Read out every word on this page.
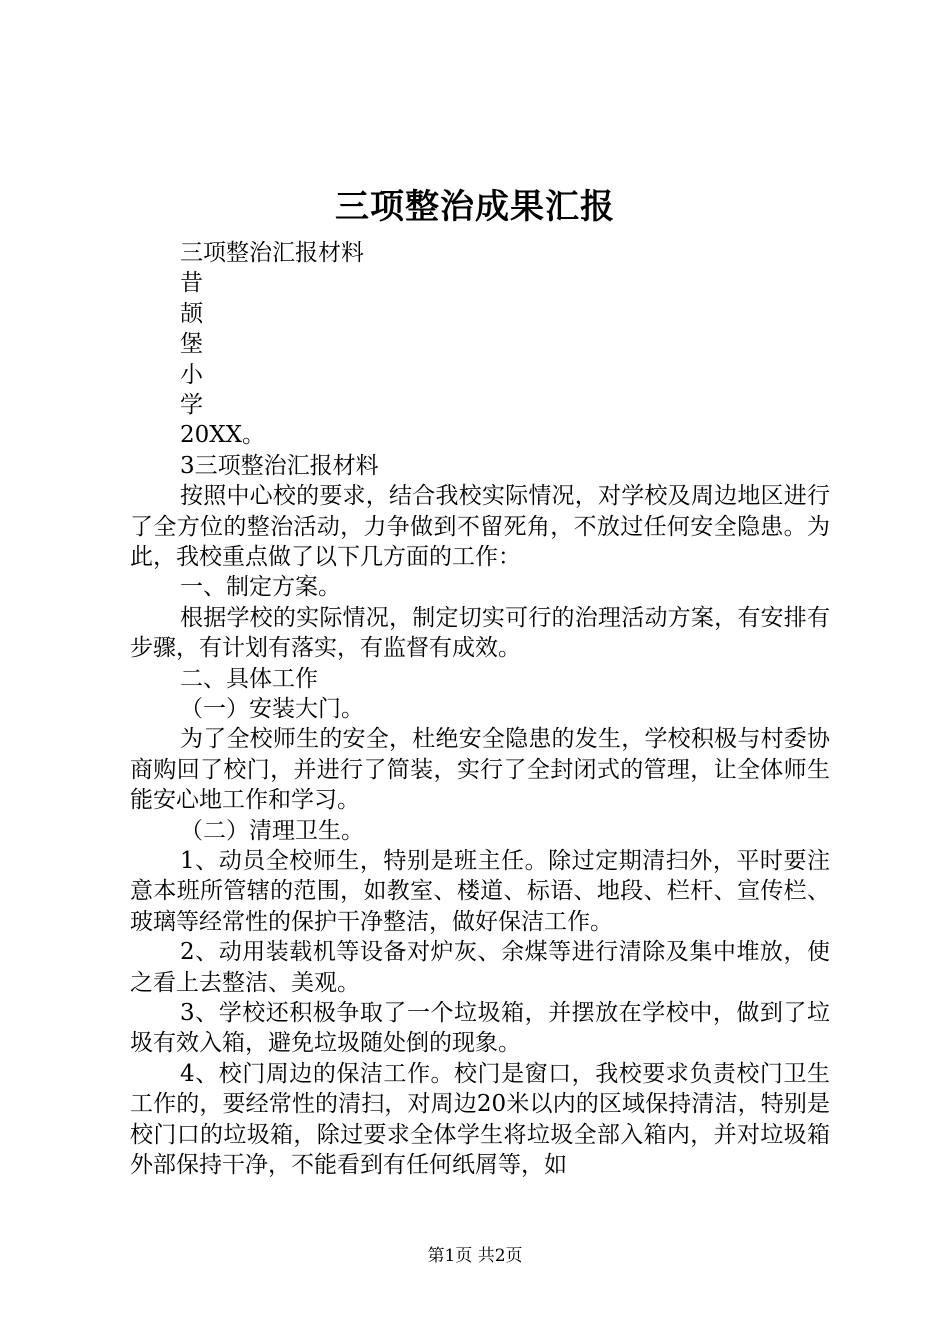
三项整治成果汇报
三项整治汇报材料
昔
颉
堡
小
学
20XX。
3三项整治汇报材料
按照中心校的要求，结合我校实际情况，对学校及周边地区进行了全方位的整治活动，力争做到不留死角，不放过任何安全隐患。为此，我校重点做了以下几方面的工作：
一、制定方案。
根据学校的实际情况，制定切实可行的治理活动方案，有安排有步骤，有计划有落实，有监督有成效。
二、具体工作
（一）安装大门。
为了全校师生的安全，杜绝安全隐患的发生，学校积极与村委协商购回了校门，并进行了简装，实行了全封闭式的管理，让全体师生能安心地工作和学习。
（二）清理卫生。
1、动员全校师生，特别是班主任。除过定期清扫外，平时要注意本班所管辖的范围，如教室、楼道、标语、地段、栏杆、宣传栏、玻璃等经常性的保护干净整洁，做好保洁工作。
2、动用装载机等设备对炉灰、余煤等进行清除及集中堆放，使之看上去整洁、美观。
3、学校还积极争取了一个垃圾箱，并摆放在学校中，做到了垃圾有效入箱，避免垃圾随处倒的现象。
4、校门周边的保洁工作。校门是窗口，我校要求负责校门卫生工作的，要经常性的清扫，对周边20米以内的区域保持清洁，特别是校门口的垃圾箱，除过要求全体学生将垃圾全部入箱内，并对垃圾箱外部保持干净，不能看到有任何纸屑等，如
第1页 共2页
